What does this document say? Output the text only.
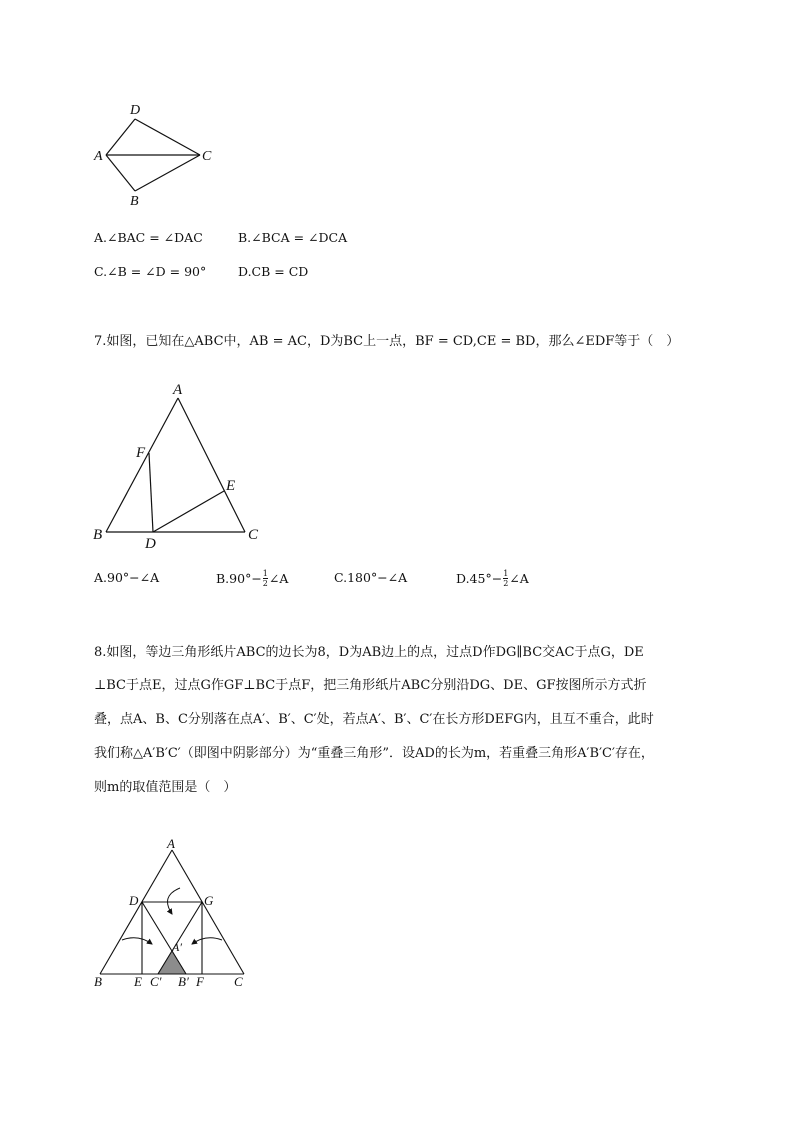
D
A	C
B
A.∠BAC = ∠DAC	B.∠BCA = ∠DCA
C.∠B = ∠D = 90°	D.CB = CD
7.如图，已知在△ABC中，AB = AC，D为BC上一点，BF = CD,CE = BD，那么∠EDF等于（　）
A
F
E
B
D
C
A.90°−∠A	$B.90^\circ- \frac{1}{2}$ ∠A	C.180°−∠A	$D.45^\circ- \frac{1}{2}$ ∠A
8.如图，等边三角形纸片ABC的边长为8，D为AB边上的点，过点D作DG∥BC交AC于点G，DE
⊥BC于点E，过点G作GF⊥BC于点F，把三角形纸片ABC分别沿DG、DE、GF按图所示方式折
叠，点A、B、C分别落在点A′、B′、C′处，若点A′、B′、C′在长方形DEFG内，且互不重合，此时
我们称△A′B′C′（即图中阴影部分）为“重叠三角形”．设AD的长为m，若重叠三角形A′B′C′存在，
则m的取值范围是（　）
A
D	G
A′
B E C′ B′ F C
